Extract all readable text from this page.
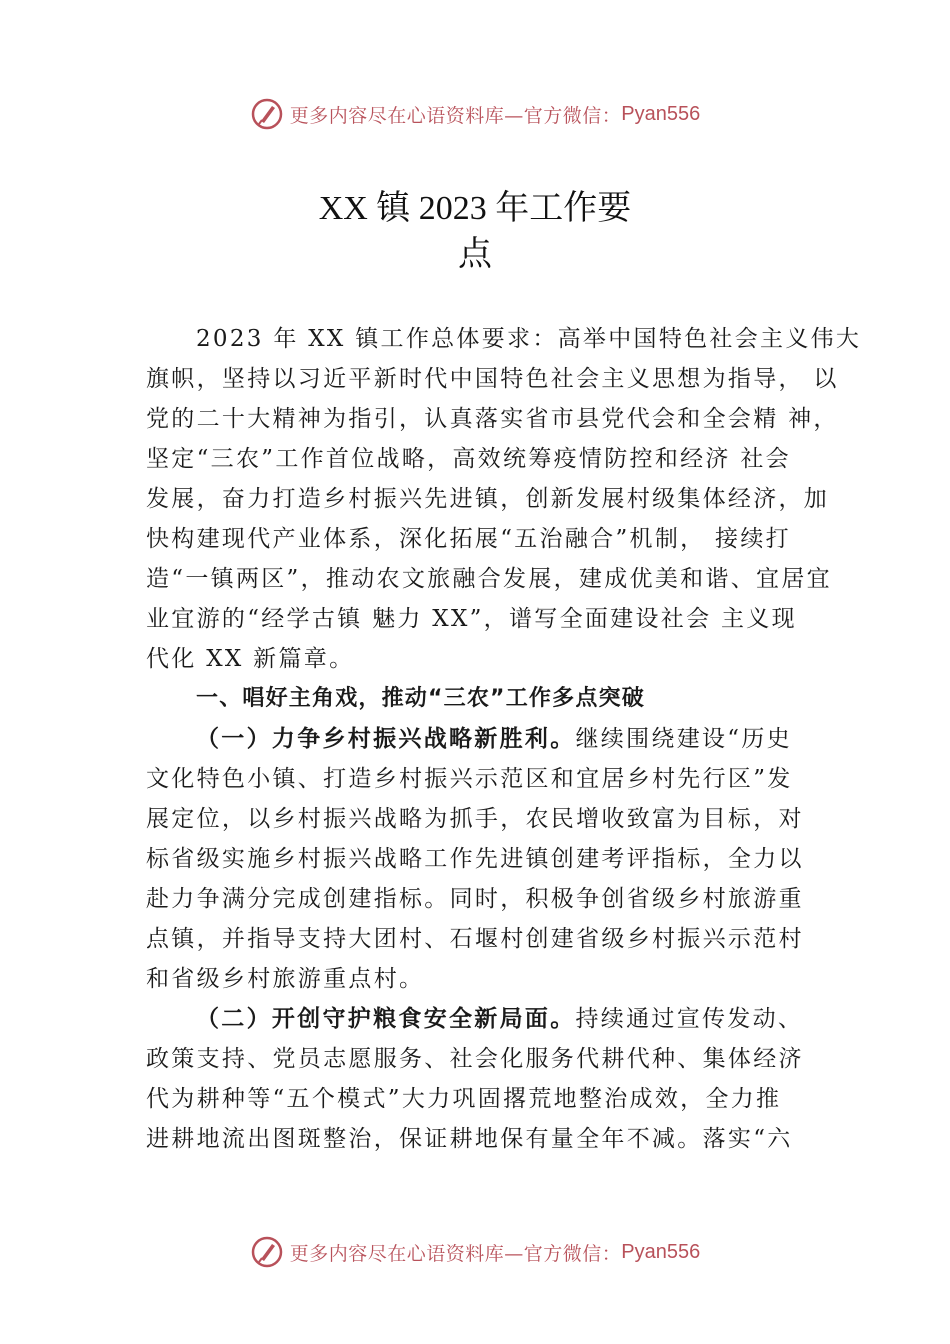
更多内容尽在心语资料库—官方微信： Pyan556
XX 镇 2023 年工作要
点
2023 年 XX 镇工作总体要求：高举中国特色社会主义伟大
旗帜，坚持以习近平新时代中国特色社会主义思想为指导， 以
党的二十大精神为指引，认真落实省市县党代会和全会精 神，
坚定“三农”工作首位战略，高效统筹疫情防控和经济 社会
发展，奋力打造乡村振兴先进镇，创新发展村级集体经济，加
快构建现代产业体系，深化拓展“五治融合”机制， 接续打
造“一镇两区”，推动农文旅融合发展，建成优美和谐、宜居宜
业宜游的“经学古镇 魅力 XX”，谱写全面建设社会 主义现
代化 XX 新篇章。
一、唱好主角戏，推动“三农”工作多点突破
（一）力争乡村振兴战略新胜利。继续围绕建设“历史
文化特色小镇、打造乡村振兴示范区和宜居乡村先行区”发
展定位，以乡村振兴战略为抓手，农民增收致富为目标，对
标省级实施乡村振兴战略工作先进镇创建考评指标，全力以
赴力争满分完成创建指标。同时，积极争创省级乡村旅游重
点镇，并指导支持大团村、石堰村创建省级乡村振兴示范村
和省级乡村旅游重点村。
（二）开创守护粮食安全新局面。持续通过宣传发动、
政策支持、党员志愿服务、社会化服务代耕代种、集体经济
代为耕种等“五个模式”大力巩固撂荒地整治成效，全力推
进耕地流出图斑整治，保证耕地保有量全年不减。落实“六
更多内容尽在心语资料库—官方微信： Pyan556
